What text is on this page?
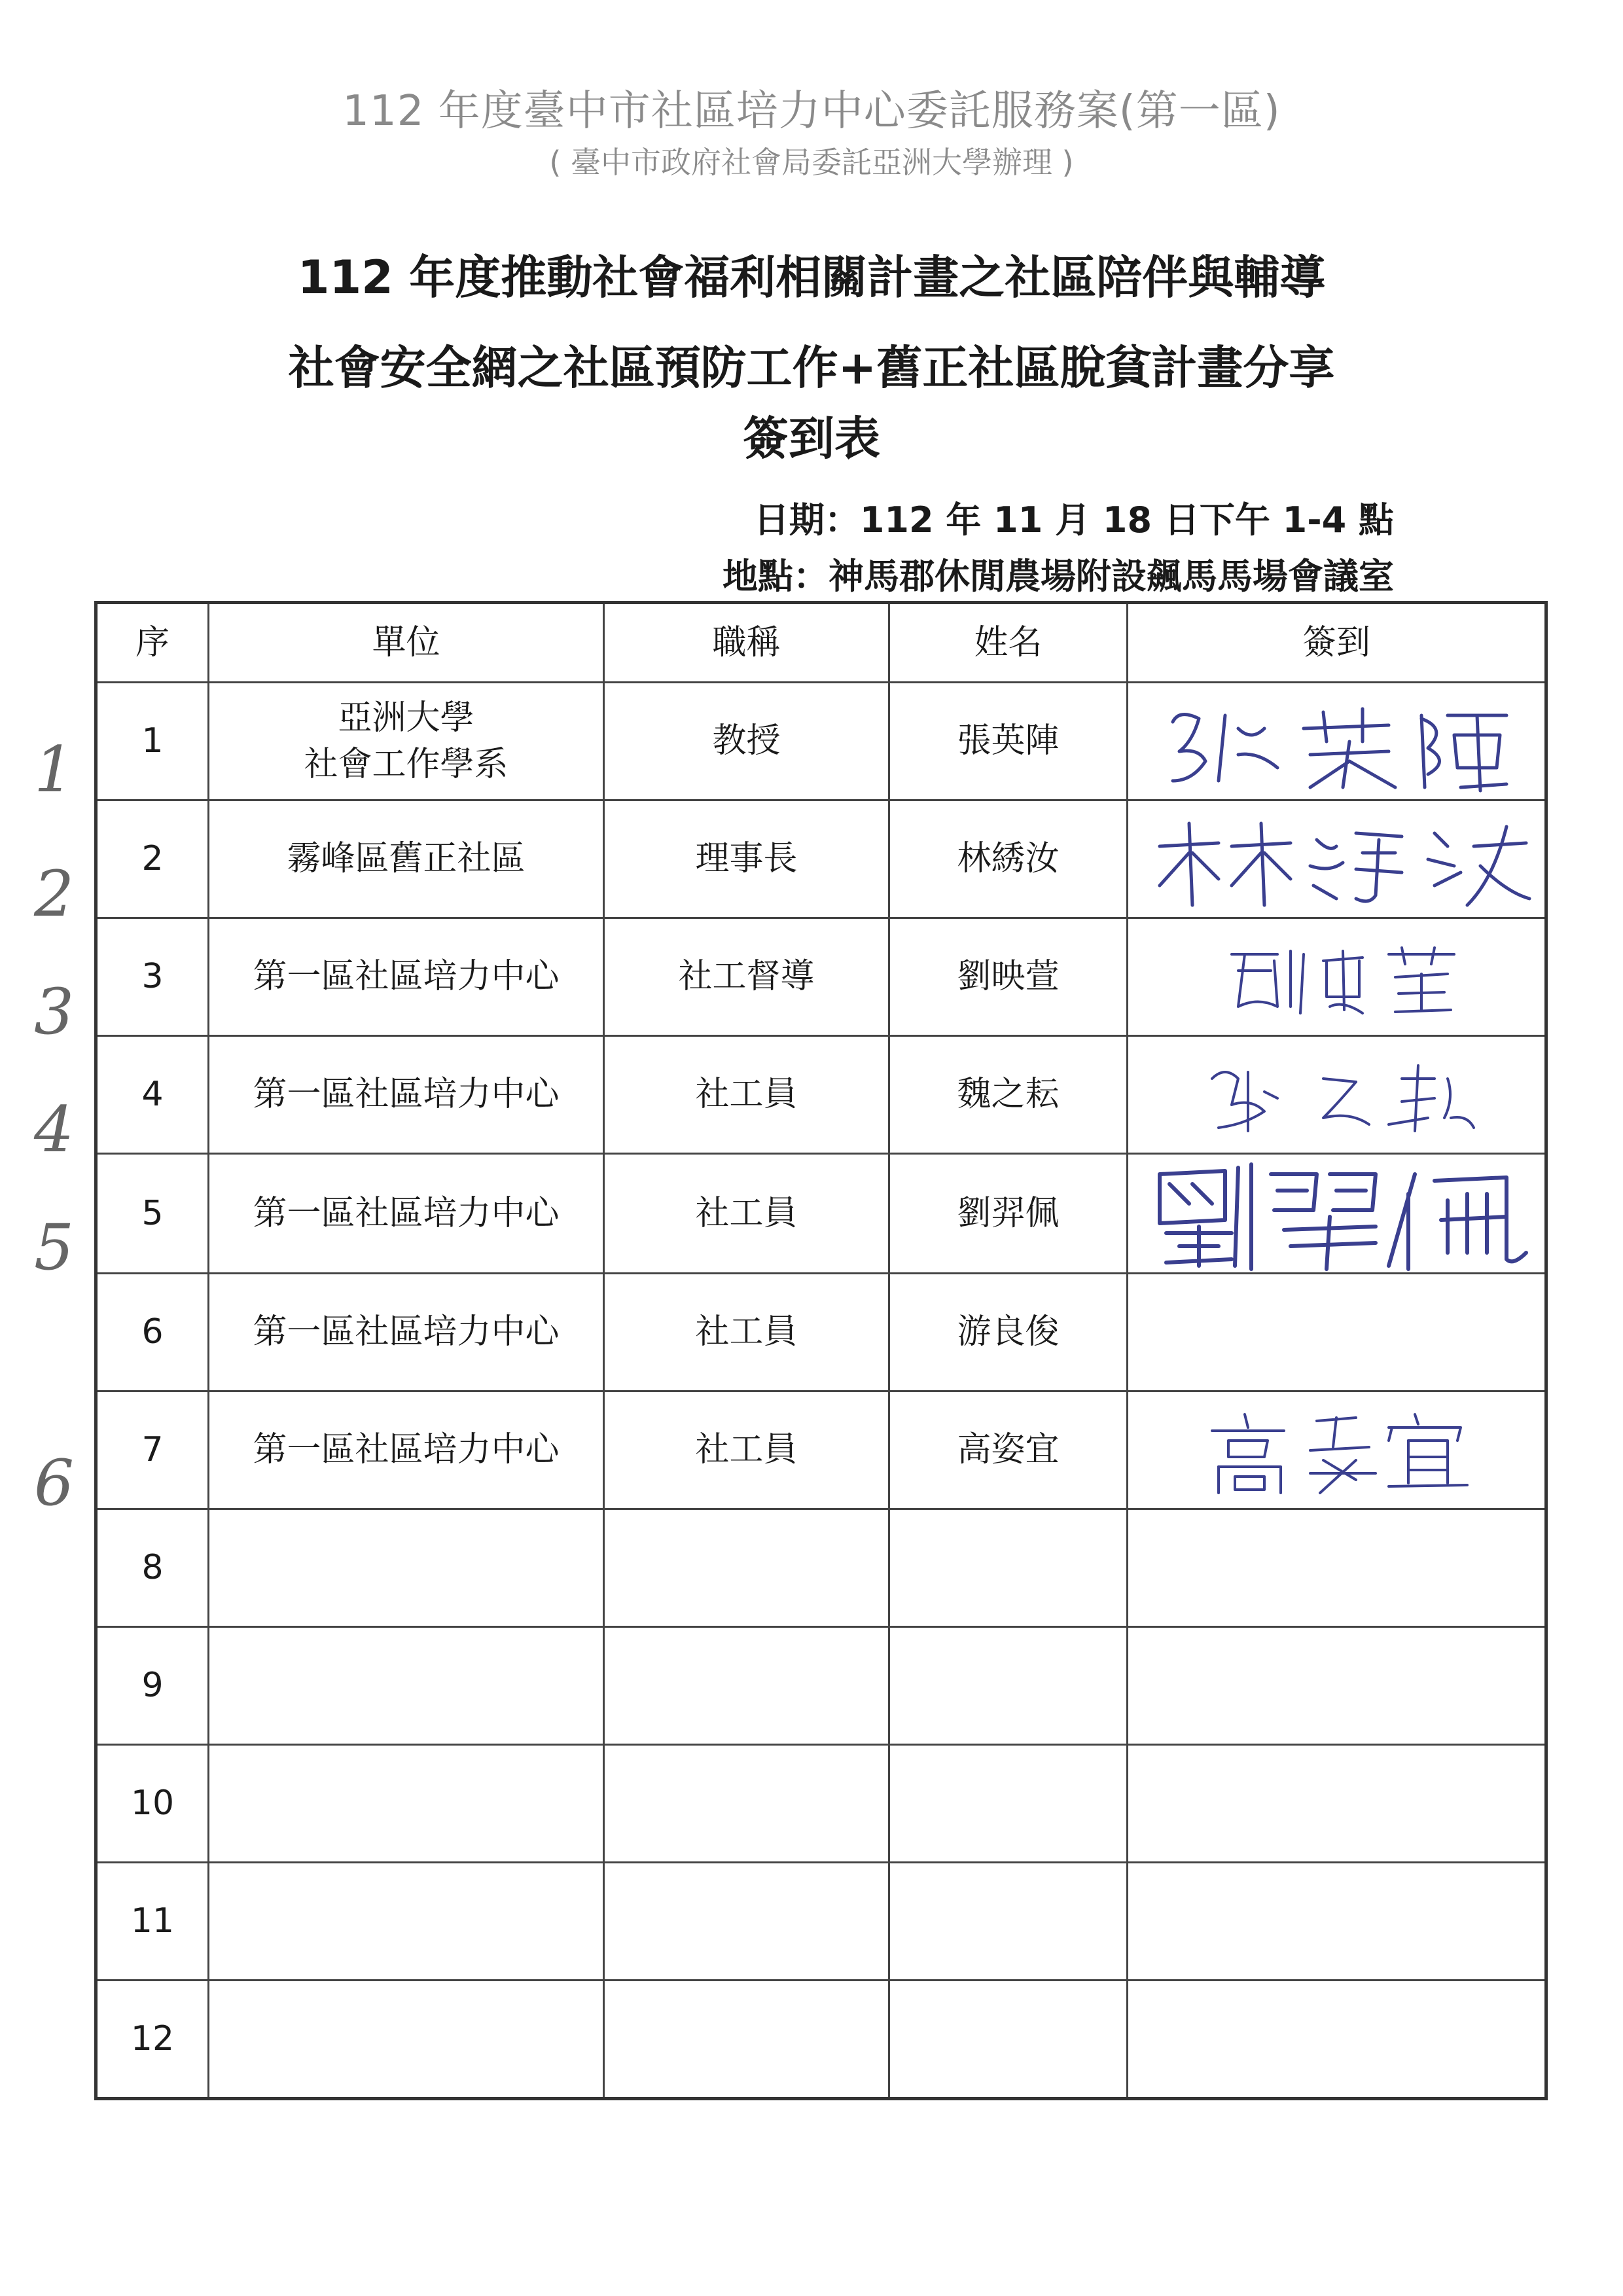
112 年度臺中市社區培力中心委託服務案(第一區)
( 臺中市政府社會局委託亞洲大學辦理 )
112 年度推動社會福利相關計畫之社區陪伴與輔導
社會安全網之社區預防工作+舊正社區脫貧計畫分享
簽到表
日期：112 年 11 月 18 日下午 1-4 點
地點：神馬郡休閒農場附設飆馬馬場會議室
序	單位	職稱	姓名	簽到
1	亞洲大學
社會工作學系	教授	張英陣	

2	霧峰區舊正社區	理事長	林綉汝	

3	第一區社區培力中心	社工督導	劉映萱	

4	第一區社區培力中心	社工員	魏之耘	

5	第一區社區培力中心	社工員	劉羿佩	

6	第一區社區培力中心	社工員	游良俊	
7	第一區社區培力中心	社工員	高姿宜	

8	

9	

10	

11	

12	

1
2
3
4
5
6
